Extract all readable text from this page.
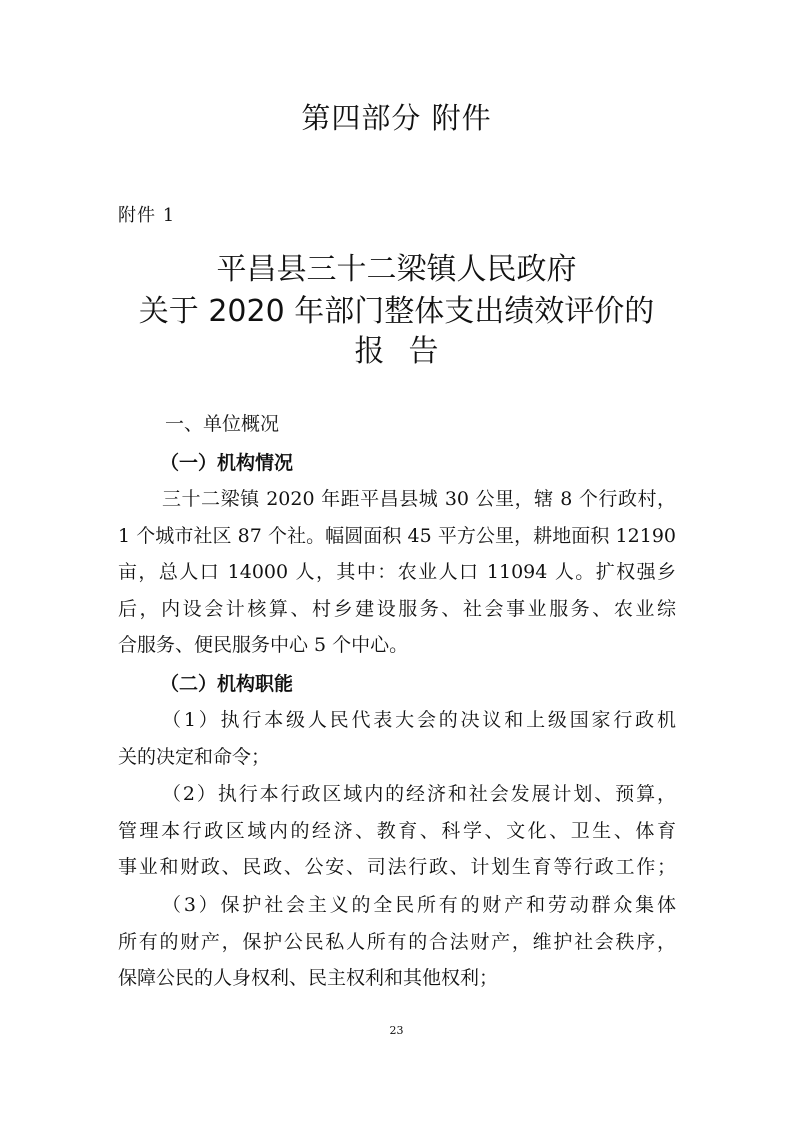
第四部分 附件
附件 1
平昌县三十二梁镇人民政府
关于 2020 年部门整体支出绩效评价的
报告
一、单位概况
（一）机构情况
三十二梁镇 2020 年距平昌县城 30 公里，辖 8 个行政村，
1 个城市社区 87 个社。幅圆面积 45 平方公里，耕地面积 12190
亩，总人口 14000 人，其中：农业人口 11094 人。扩权强乡
后，内设会计核算、村乡建设服务、社会事业服务、农业综
合服务、便民服务中心 5 个中心。
（二）机构职能
（1）执行本级人民代表大会的决议和上级国家行政机
关的决定和命令；
（2）执行本行政区域内的经济和社会发展计划、预算，
管理本行政区域内的经济、教育、科学、文化、卫生、体育
事业和财政、民政、公安、司法行政、计划生育等行政工作；
（3）保护社会主义的全民所有的财产和劳动群众集体
所有的财产，保护公民私人所有的合法财产，维护社会秩序，
保障公民的人身权利、民主权利和其他权利；
23
